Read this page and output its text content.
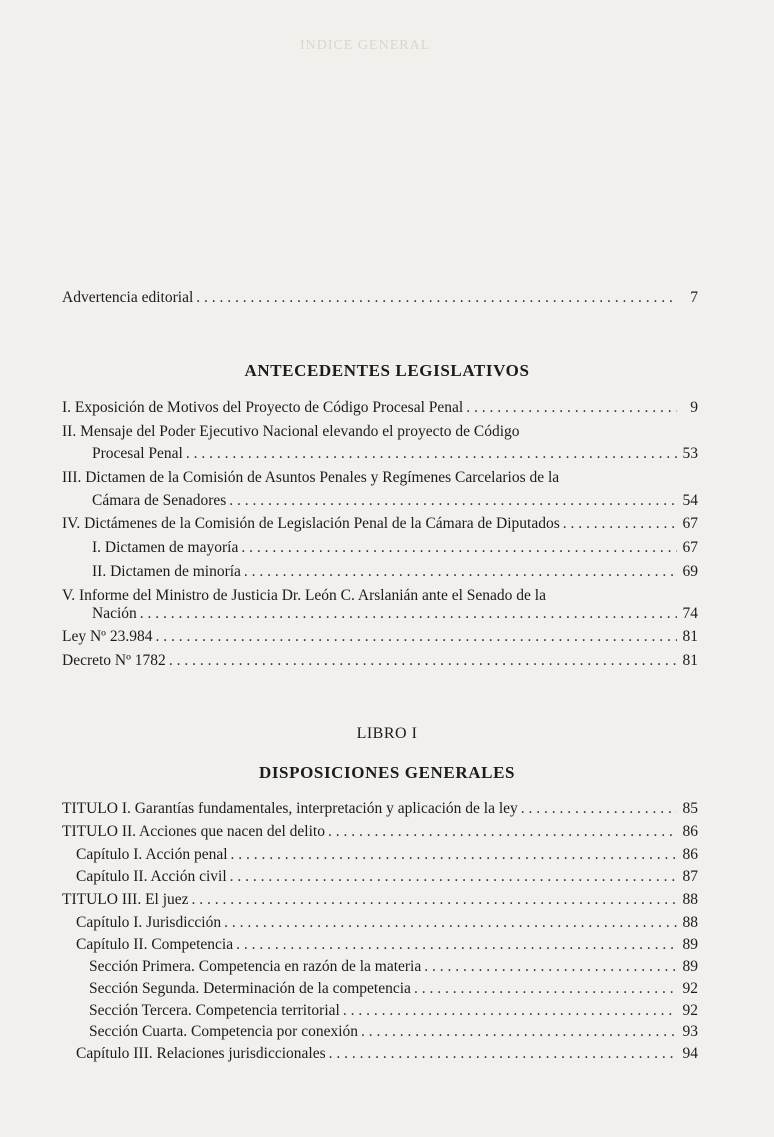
INDICE GENERAL
Advertencia editorial . . .	7
ANTECEDENTES LEGISLATIVOS
I. Exposición de Motivos del Proyecto de Código Procesal Penal . . .	9
II. Mensaje del Poder Ejecutivo Nacional elevando el proyecto de Código
Procesal Penal . . .	53
III. Dictamen de la Comisión de Asuntos Penales y Regímenes Carcelarios de la
Cámara de Senadores . . .	54
IV. Dictámenes de la Comisión de Legislación Penal de la Cámara de Diputados . . .	67
I. Dictamen de mayoría . . .	67
II. Dictamen de minoría . . .	69
V. Informe del Ministro de Justicia Dr. León C. Arslanián ante el Senado de la
Nación . . .	74
Ley Nº 23.984 . . .	81
Decreto Nº 1782 . . .	81
LIBRO I
DISPOSICIONES GENERALES
TITULO I. Garantías fundamentales, interpretación y aplicación de la ley . . .	85
TITULO II. Acciones que nacen del delito . . .	86
Capítulo I. Acción penal . . .	86
Capítulo II. Acción civil . . .	87
TITULO III. El juez . . .	88
Capítulo I. Jurisdicción . . .	88
Capítulo II. Competencia . . .	89
Sección Primera. Competencia en razón de la materia . . .	89
Sección Segunda. Determinación de la competencia . . .	92
Sección Tercera. Competencia territorial . . .	92
Sección Cuarta. Competencia por conexión . . .	93
Capítulo III. Relaciones jurisdiccionales . . .	94
